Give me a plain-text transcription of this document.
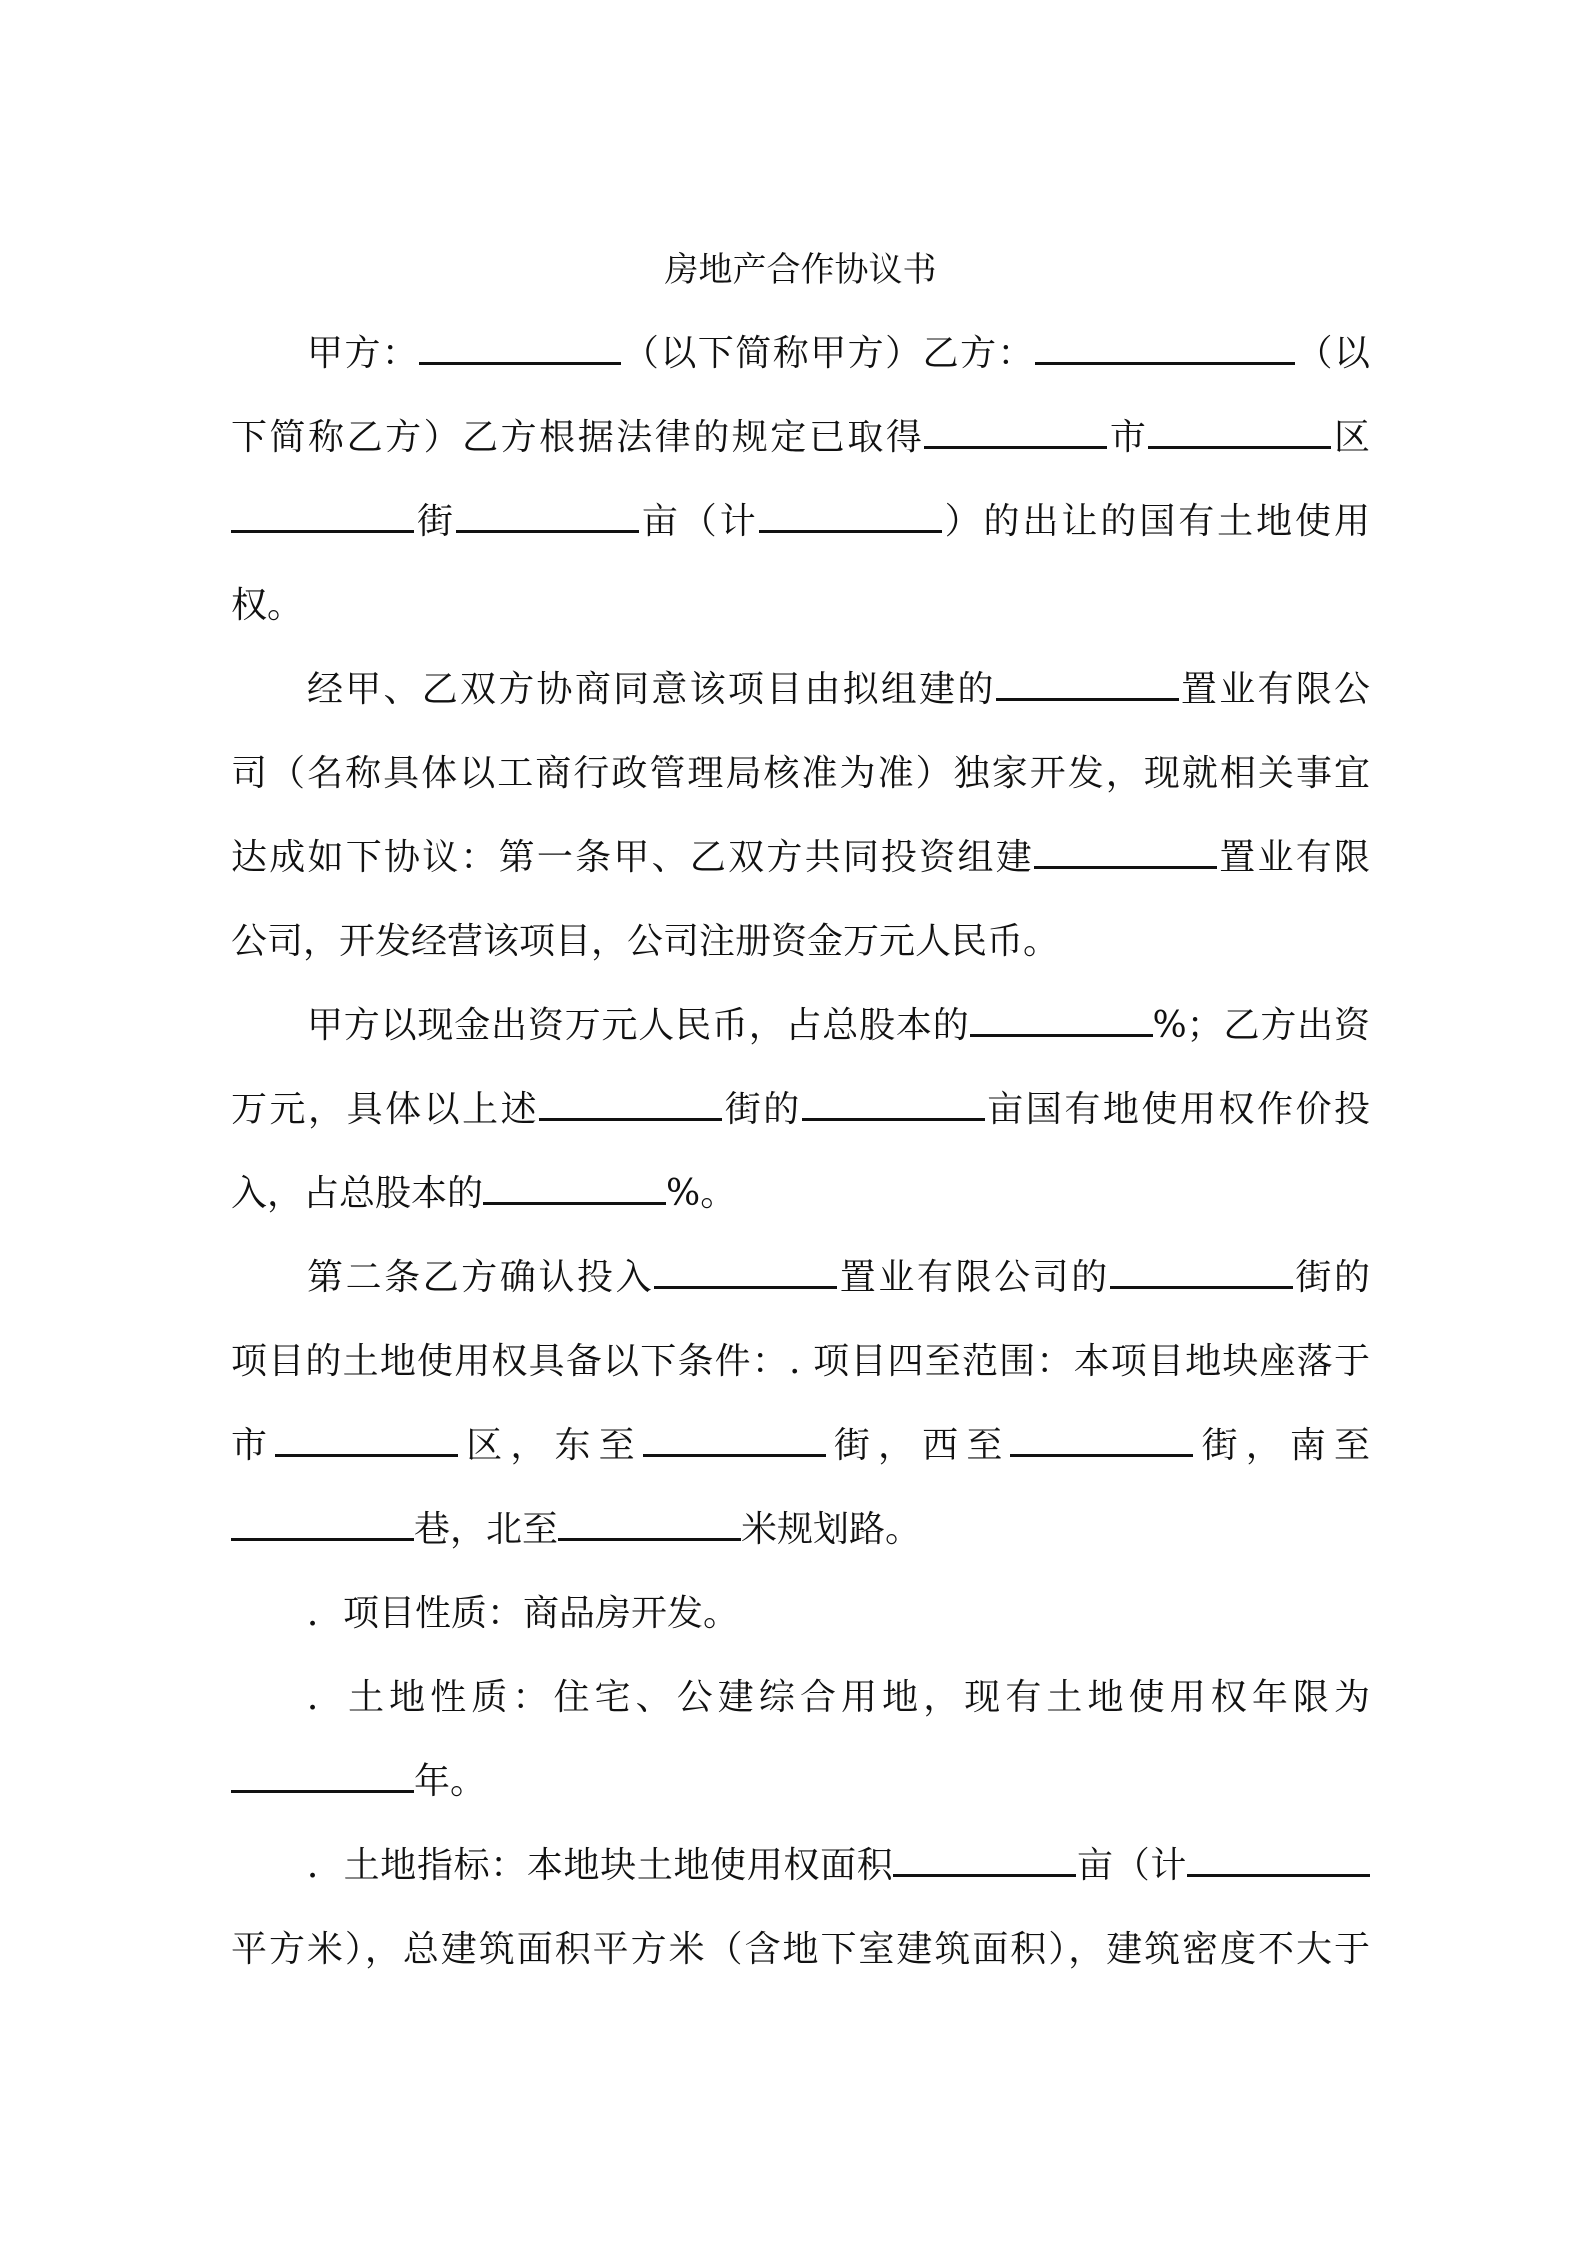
房地产合作协议书
甲方：	（以下简称甲方）乙方：	（以
下简称乙方）乙方根据法律的规定已取得	市	区
街	亩（计	）的出让的国有土地使用
权。
经甲、乙双方协商同意该项目由拟组建的	置业有限公
司（名称具体以工商行政管理局核准为准）独家开发，现就相关事宜
达成如下协议：第一条甲、乙双方共同投资组建	置业有限
公司，开发经营该项目，公司注册资金万元人民币。
甲方以现金出资万元人民币，占总股本的	%；乙方出资
万元，具体以上述	街的	亩国有地使用权作价投
入，占总股本的	%。
第二条乙方确认投入	置业有限公司的	街的
项目的土地使用权具备以下条件：. 项目四至范围：本项目地块座落于
市	区，东至	街，西至	街，南至
巷，北至	米规划路。
．项目性质：商品房开发。
．土地性质：住宅、公建综合用地，现有土地使用权年限为
年。
．土地指标：本地块土地使用权面积	亩（计
平方米），总建筑面积平方米（含地下室建筑面积），建筑密度不大于
